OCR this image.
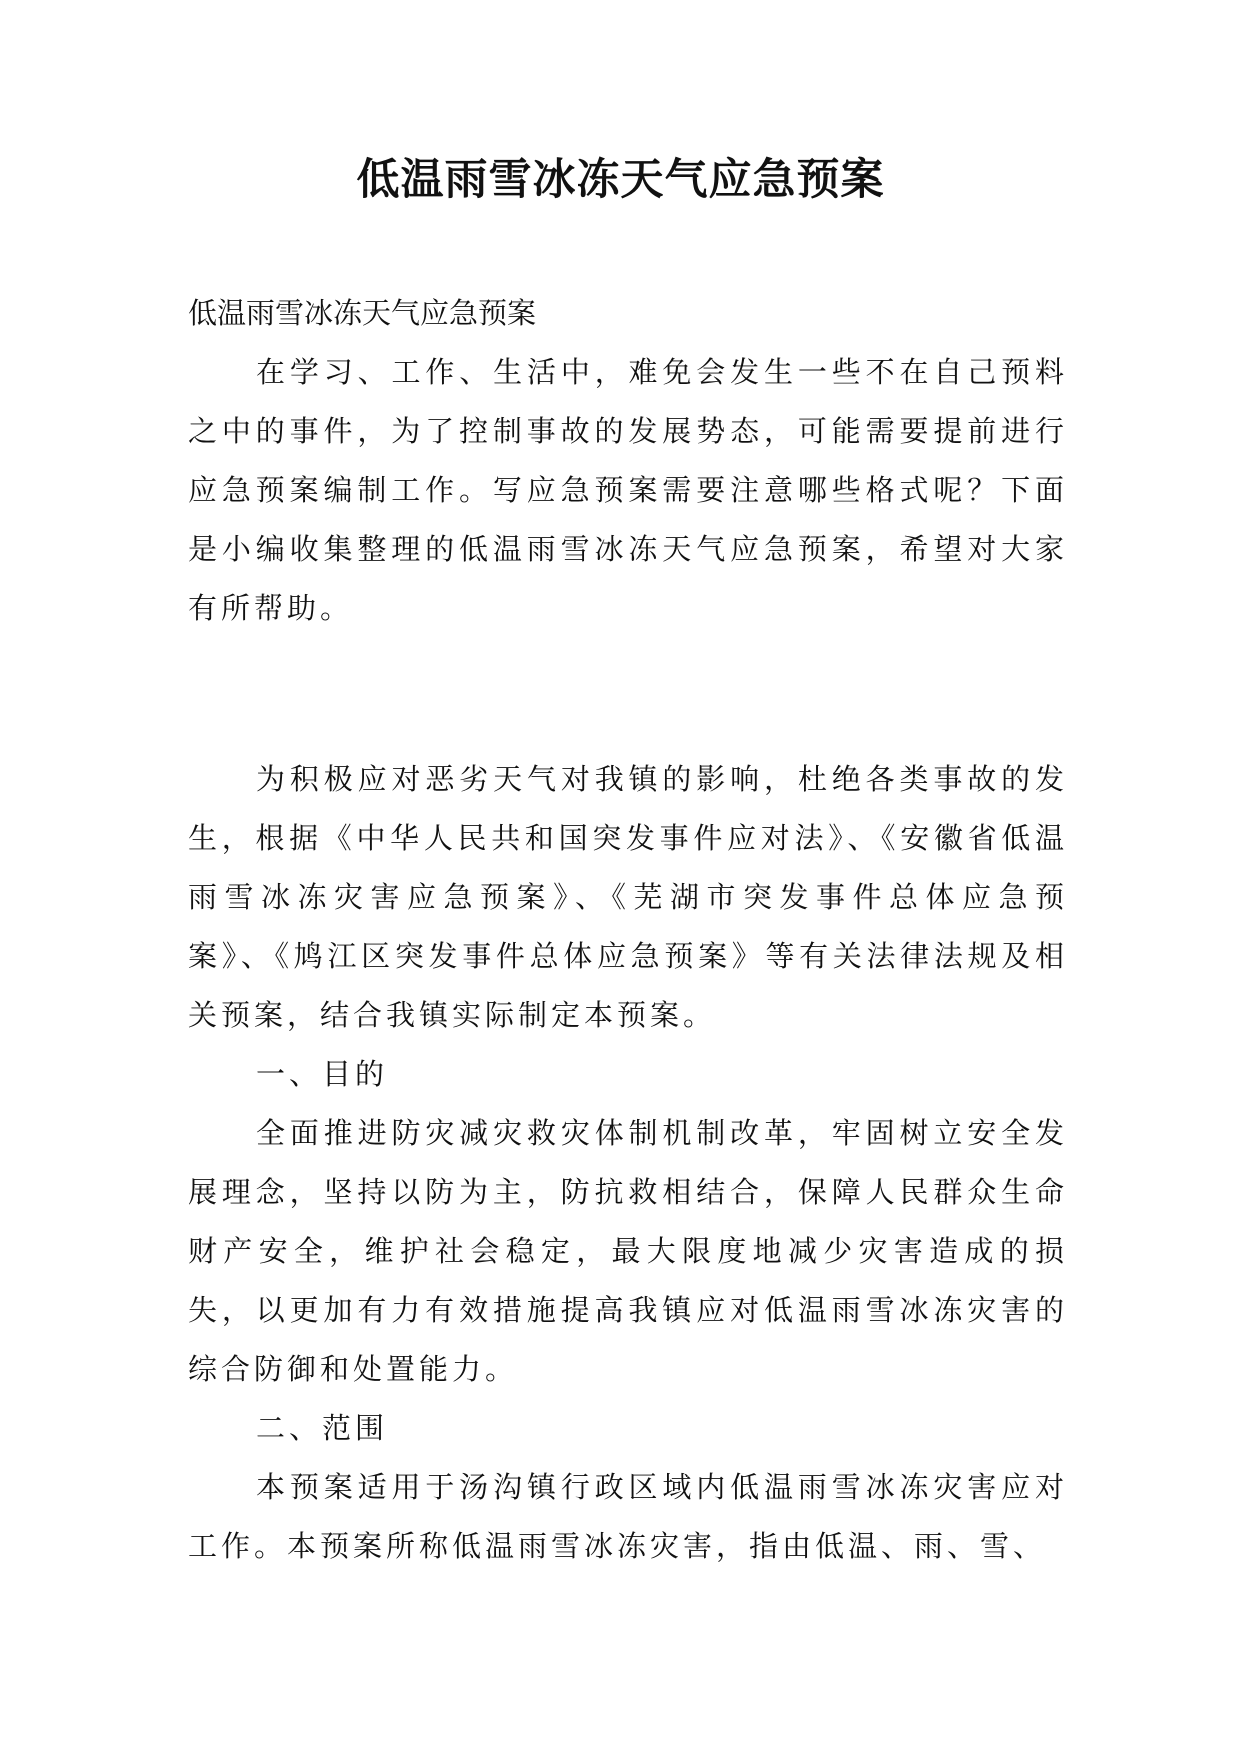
低温雨雪冰冻天气应急预案
低温雨雪冰冻天气应急预案

在学习、工作、生活中，难免会发生一些不在自己预料之中的事件，为了控制事故的发展势态，可能需要提前进行应急预案编制工作。写应急预案需要注意哪些格式呢？下面是小编收集整理的低温雨雪冰冻天气应急预案，希望对大家有所帮助。

为积极应对恶劣天气对我镇的影响，杜绝各类事故的发生，根据《中华人民共和国突发事件应对法》、《安徽省低温雨雪冰冻灾害应急预案》、《芜湖市突发事件总体应急预案》、《鸠江区突发事件总体应急预案》等有关法律法规及相关预案，结合我镇实际制定本预案。

一、目的

全面推进防灾减灾救灾体制机制改革，牢固树立安全发展理念，坚持以防为主，防抗救相结合，保障人民群众生命财产安全，维护社会稳定，最大限度地减少灾害造成的损失，以更加有力有效措施提高我镇应对低温雨雪冰冻灾害的综合防御和处置能力。

二、范围

本预案适用于汤沟镇行政区域内低温雨雪冰冻灾害应对工作。本预案所称低温雨雪冰冻灾害，指由低温、雨、雪、
